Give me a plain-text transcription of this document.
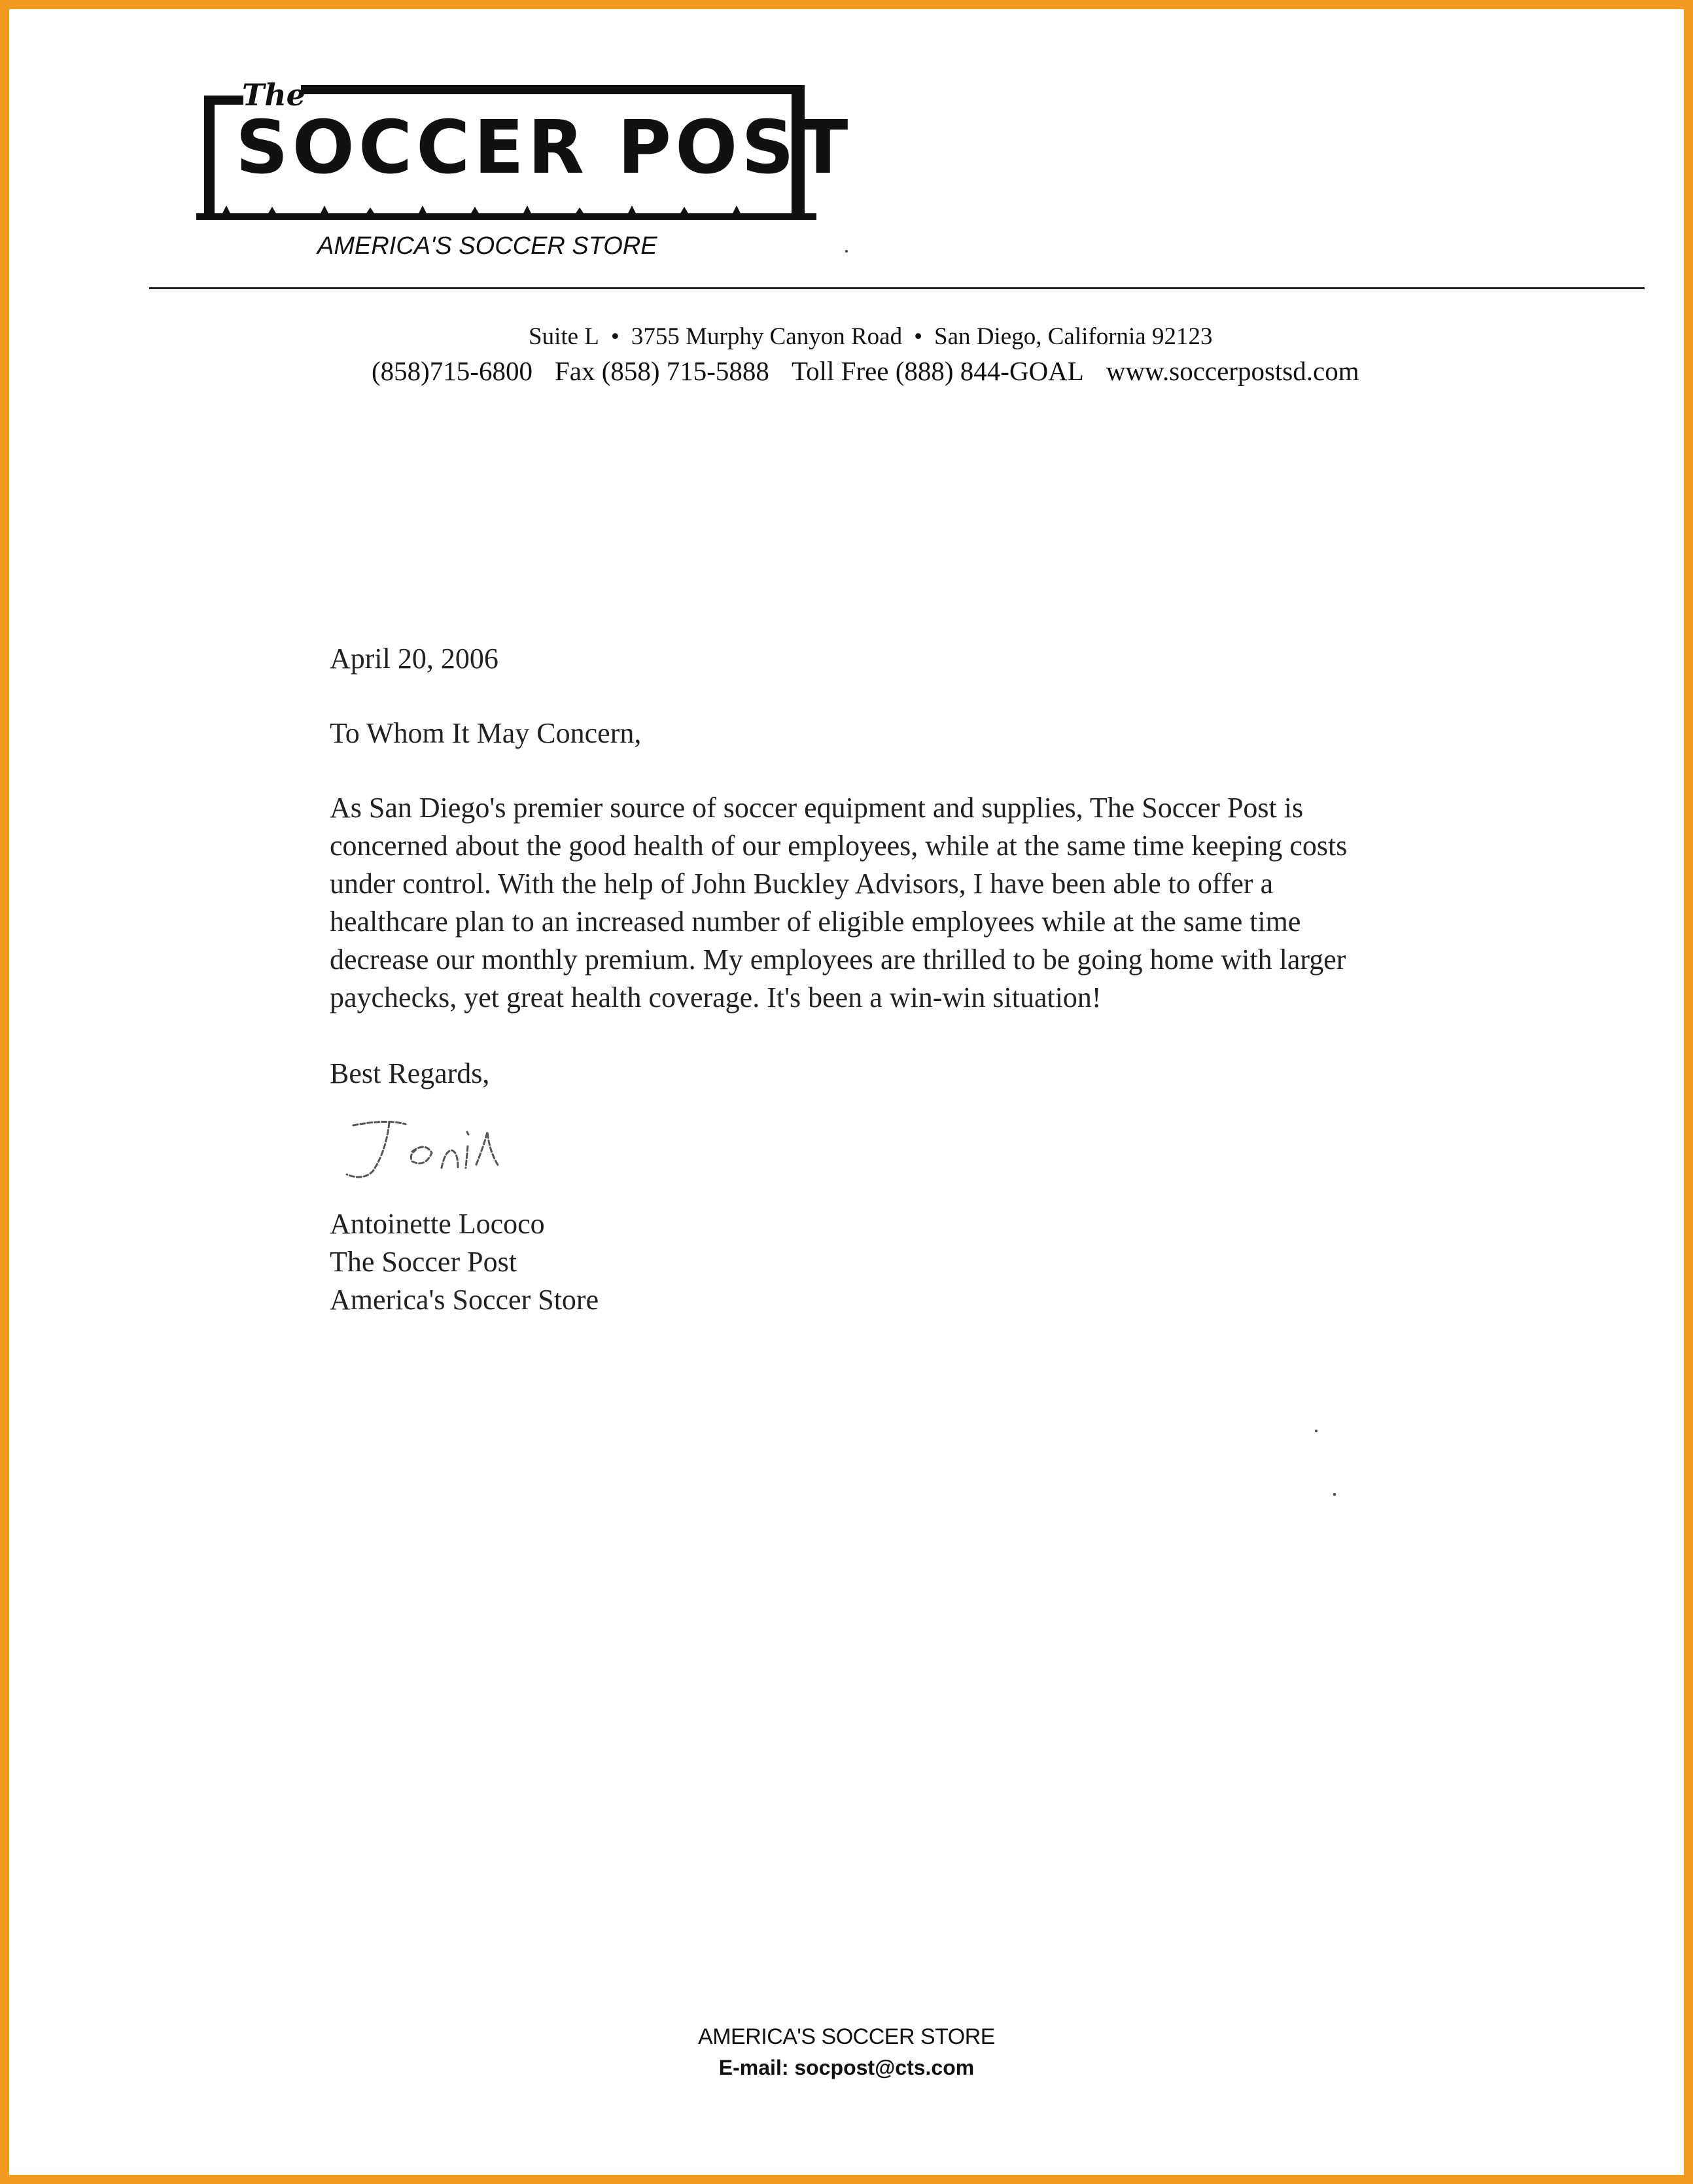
The
SOCCER POST
AMERICA'S SOCCER STORE
Suite L • 3755 Murphy Canyon Road • San Diego, California 92123
(858)715-6800 Fax (858) 715-5888 Toll Free (888) 844-GOAL www.soccerpostsd.com
April 20, 2006
To Whom It May Concern,
As San Diego's premier source of soccer equipment and supplies, The Soccer Post is
concerned about the good health of our employees, while at the same time keeping costs
under control. With the help of John Buckley Advisors, I have been able to offer a
healthcare plan to an increased number of eligible employees while at the same time
decrease our monthly premium. My employees are thrilled to be going home with larger
paychecks, yet great health coverage. It's been a win-win situation!
Best Regards,
Antoinette Lococo
The Soccer Post
America's Soccer Store
AMERICA'S SOCCER STORE
E-mail: socpost@cts.com
